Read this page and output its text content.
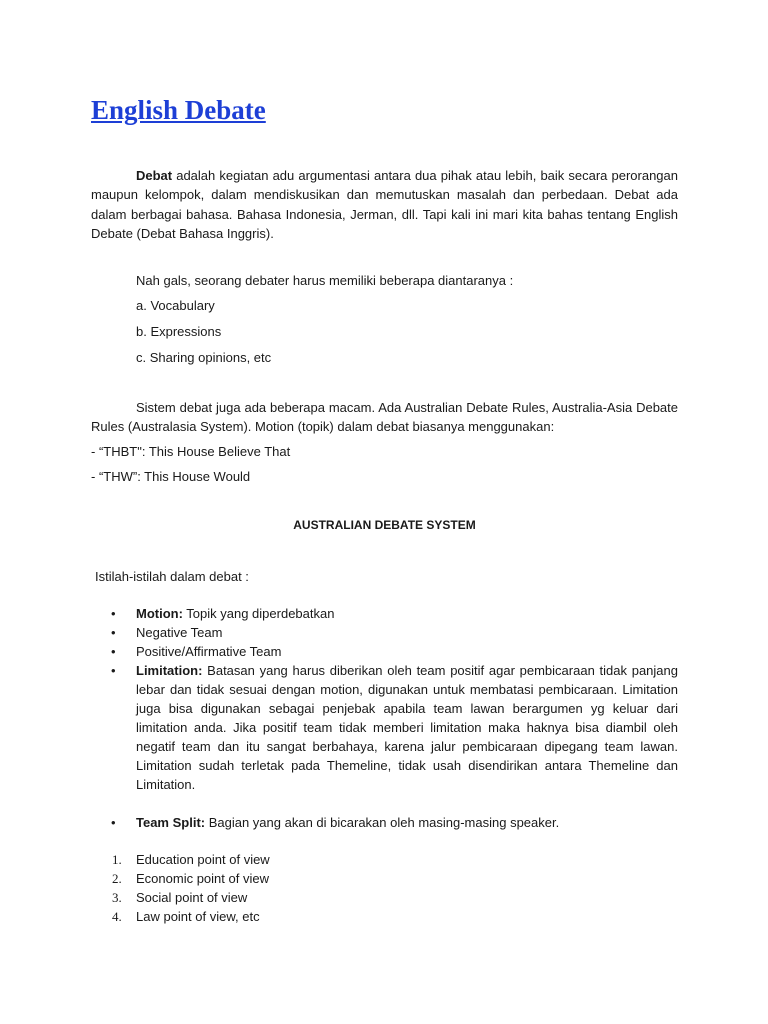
English Debate

Debat adalah kegiatan adu argumentasi antara dua pihak atau lebih, baik secara perorangan maupun kelompok, dalam mendiskusikan dan memutuskan masalah dan perbedaan. Debat ada dalam berbagai bahasa. Bahasa Indonesia, Jerman, dll. Tapi kali ini mari kita bahas tentang English Debate (Debat Bahasa Inggris).

Nah gals, seorang debater harus memiliki beberapa diantaranya :

a. Vocabulary

b. Expressions

c. Sharing opinions, etc

Sistem debat juga ada beberapa macam. Ada Australian Debate Rules, Australia-Asia Debate Rules (Australasia System). Motion (topik) dalam debat biasanya menggunakan:

- “THBT": This House Believe That

- “THW”: This House Would

AUSTRALIAN DEBATE SYSTEM

Istilah-istilah dalam debat :

• Motion: Topik yang diperdebatkan
• Negative Team
• Positive/Affirmative Team
• Limitation: Batasan yang harus diberikan oleh team positif agar pembicaraan tidak panjang lebar dan tidak sesuai dengan motion, digunakan untuk membatasi pembicaraan. Limitation juga bisa digunakan sebagai penjebak apabila team lawan berargumen yg keluar dari limitation anda. Jika positif team tidak memberi limitation maka haknya bisa diambil oleh negatif team dan itu sangat berbahaya, karena jalur pembicaraan dipegang team lawan. Limitation sudah terletak pada Themeline, tidak usah disendirikan antara Themeline dan Limitation.
• Team Split: Bagian yang akan di bicarakan oleh masing-masing speaker.
1. Education point of view
2. Economic point of view
3. Social point of view
4. Law point of view, etc
